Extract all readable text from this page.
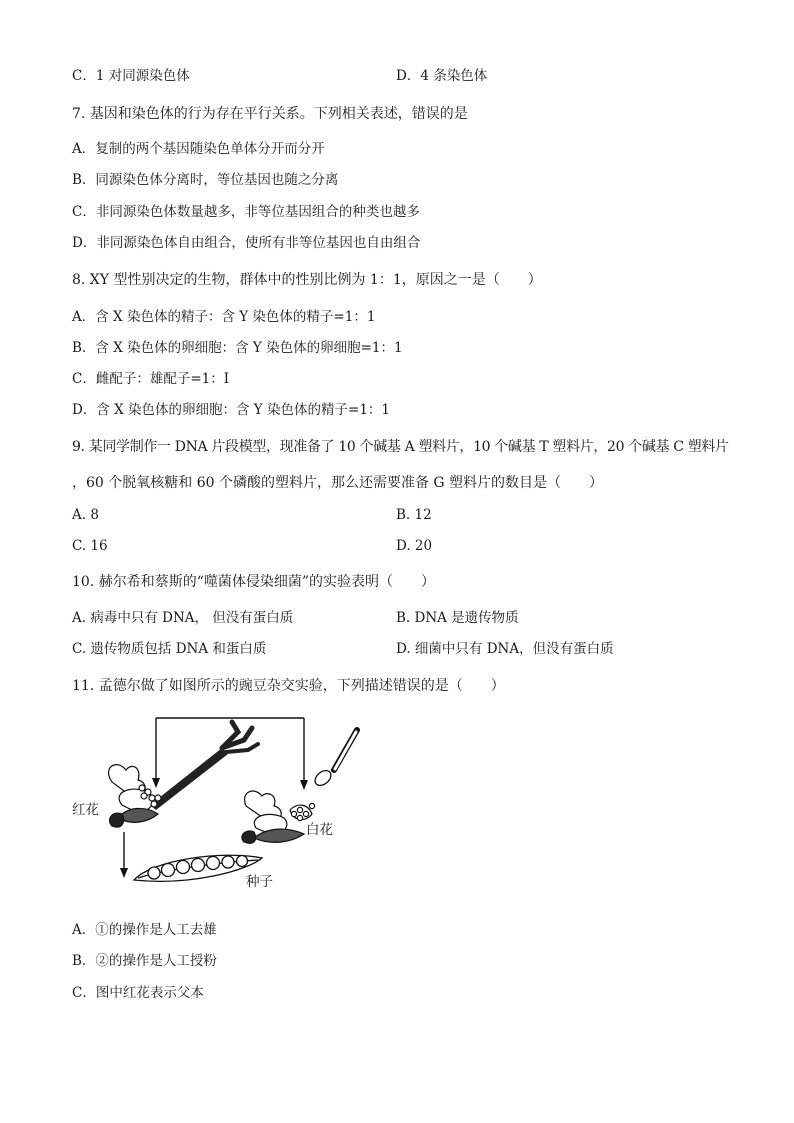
C．1 对同源染色体	D．4 条染色体
7. 基因和染色体的行为存在平行关系。下列相关表述，错误的是
A．复制的两个基因随染色单体分开而分开
B．同源染色体分离时，等位基因也随之分离
C．非同源染色体数量越多，非等位基因组合的种类也越多
D．非同源染色体自由组合，使所有非等位基因也自由组合
8. XY 型性别决定的生物，群体中的性别比例为 1：1，原因之一是（　　）
A．含 X 染色体的精子：含 Y 染色体的精子=1：1
B．含 X 染色体的卵细胞：含 Y 染色体的卵细胞=1：1
C．雌配子：雄配子=1：I
D．含 X 染色体的卵细胞：含 Y 染色体的精子=1：1
9. 某同学制作一 DNA 片段模型，现准备了 10 个碱基 A 塑料片，10 个碱基 T 塑料片，20 个碱基 C 塑料片
，60 个脱氧核糖和 60 个磷酸的塑料片，那么还需要准备 G 塑料片的数目是（　　）
A. 8	B. 12
C. 16	D. 20
10. 赫尔希和蔡斯的“噬菌体侵染细菌”的实验表明（　　）
A. 病毒中只有 DNA， 但没有蛋白质	B. DNA 是遗传物质
C. 遗传物质包括 DNA 和蛋白质	D. 细菌中只有 DNA，但没有蛋白质
11. 孟德尔做了如图所示的豌豆杂交实验，下列描述错误的是（　　）
红花
白花
种子
A．①的操作是人工去雄
B．②的操作是人工授粉
C．图中红花表示父本
